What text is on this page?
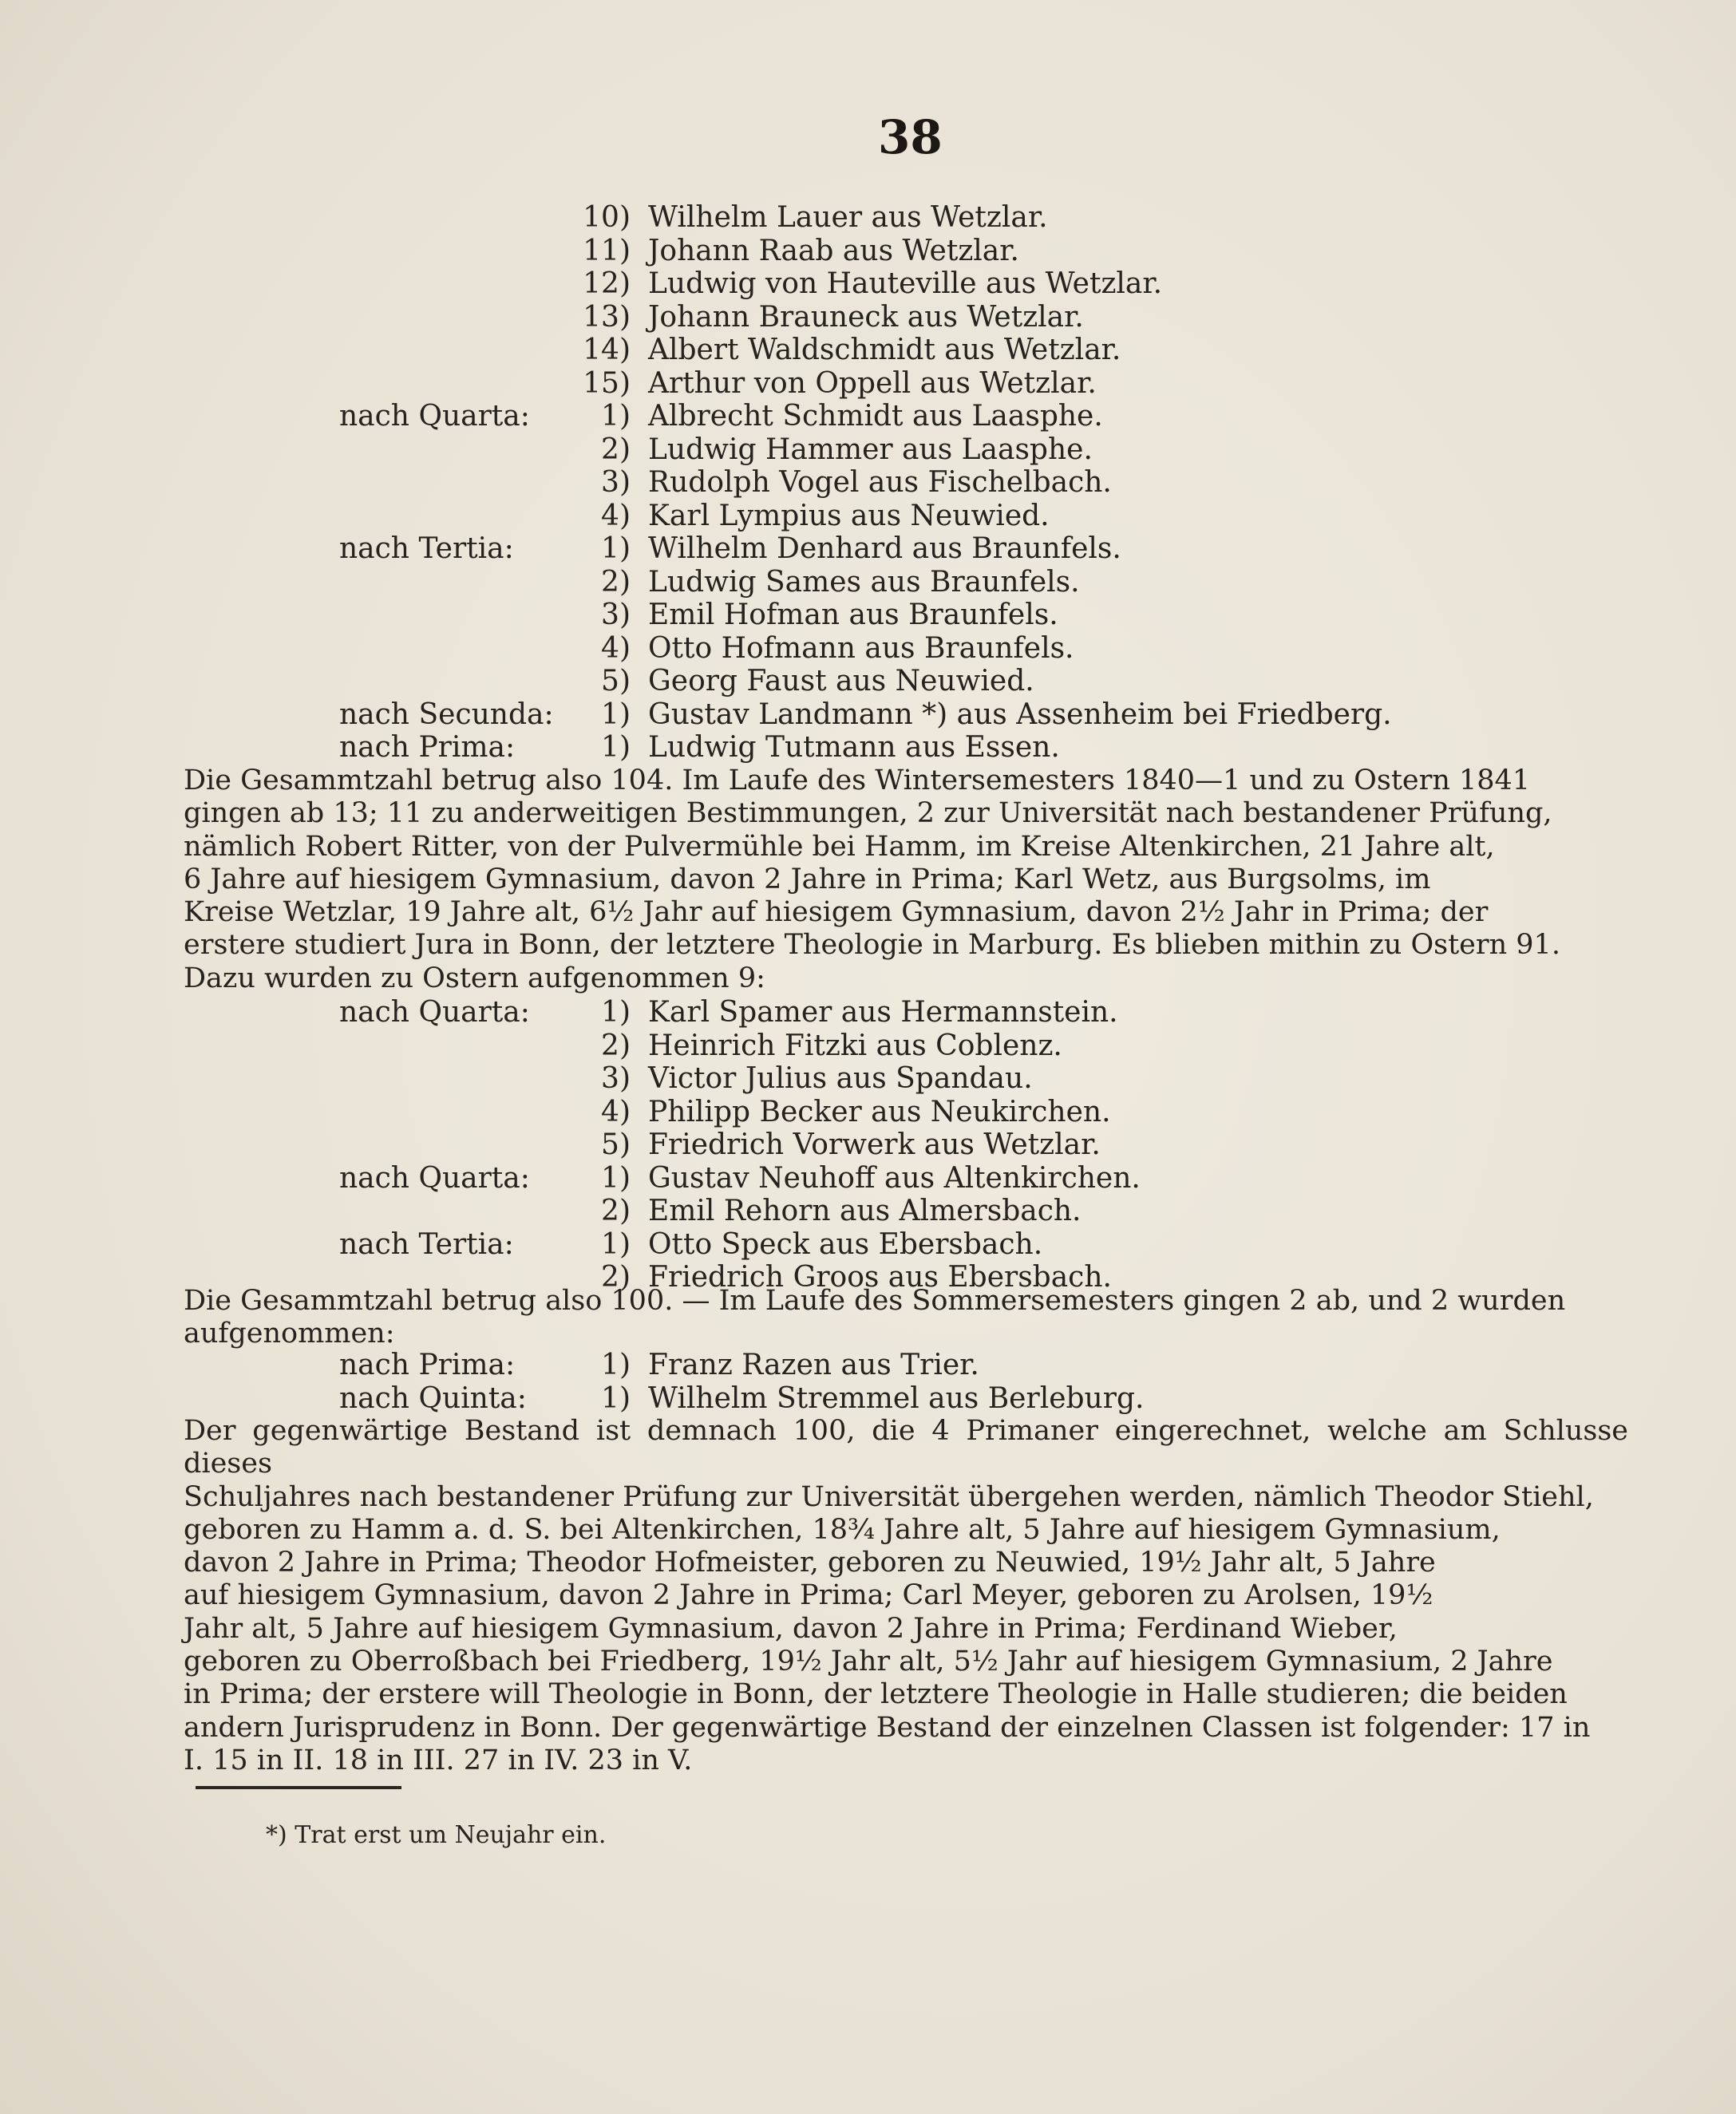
38
10) Wilhelm Lauer aus Wetzlar.
11) Johann Raab aus Wetzlar.
12) Ludwig von Hauteville aus Wetzlar.
13) Johann Brauneck aus Wetzlar.
14) Albert Waldschmidt aus Wetzlar.
15) Arthur von Oppell aus Wetzlar.
nach Quarta: 1) Albrecht Schmidt aus Laasphe.
2) Ludwig Hammer aus Laasphe.
3) Rudolph Vogel aus Fischelbach.
4) Karl Lympius aus Neuwied.
nach Tertia:	1) Wilhelm Denhard aus Braunfels.
2) Ludwig Sames aus Braunfels.
3) Emil Hofman aus Braunfels.
4) Otto Hofmann aus Braunfels.
5) Georg Faust aus Neuwied.
nach Secunda: 1) Gustav Landmann *) aus Assenheim bei Friedberg.
nach Prima:	1) Ludwig Tutmann aus Essen.
Die Gesammtzahl betrug also 104. Im Laufe des Wintersemesters 1840—1 und zu Ostern 1841
gingen ab 13; 11 zu anderweitigen Bestimmungen, 2 zur Universität nach bestandener Prüfung,
nämlich Robert Ritter, von der Pulvermühle bei Hamm, im Kreise Altenkirchen, 21 Jahre alt,
6 Jahre auf hiesigem Gymnasium, davon 2 Jahre in Prima; Karl Wetz, aus Burgsolms, im
Kreise Wetzlar, 19 Jahre alt, 6½ Jahr auf hiesigem Gymnasium, davon 2½ Jahr in Prima; der
erstere studiert Jura in Bonn, der letztere Theologie in Marburg. Es blieben mithin zu Ostern 91.
Dazu wurden zu Ostern aufgenommen 9:
nach Quarta: 1) Karl Spamer aus Hermannstein.
2) Heinrich Fitzki aus Coblenz.
3) Victor Julius aus Spandau.
4) Philipp Becker aus Neukirchen.
5) Friedrich Vorwerk aus Wetzlar.
nach Quarta: 1) Gustav Neuhoff aus Altenkirchen.
2) Emil Rehorn aus Almersbach.
nach Tertia:	1) Otto Speck aus Ebersbach.
2) Friedrich Groos aus Ebersbach.
Die Gesammtzahl betrug also 100. — Im Laufe des Sommersemesters gingen 2 ab, und 2 wurden
aufgenommen:
nach Prima:	1) Franz Razen aus Trier.
nach Quinta:	1) Wilhelm Stremmel aus Berleburg.
Der gegenwärtige Bestand ist demnach 100, die 4 Primaner eingerechnet, welche am Schlusse dieses
Schuljahres nach bestandener Prüfung zur Universität übergehen werden, nämlich Theodor Stiehl,
geboren zu Hamm a. d. S. bei Altenkirchen, 18¾ Jahre alt, 5 Jahre auf hiesigem Gymnasium,
davon 2 Jahre in Prima; Theodor Hofmeister, geboren zu Neuwied, 19½ Jahr alt, 5 Jahre
auf hiesigem Gymnasium, davon 2 Jahre in Prima; Carl Meyer, geboren zu Arolsen, 19½
Jahr alt, 5 Jahre auf hiesigem Gymnasium, davon 2 Jahre in Prima; Ferdinand Wieber,
geboren zu Oberroßbach bei Friedberg, 19½ Jahr alt, 5½ Jahr auf hiesigem Gymnasium, 2 Jahre
in Prima; der erstere will Theologie in Bonn, der letztere Theologie in Halle studieren; die beiden
andern Jurisprudenz in Bonn. Der gegenwärtige Bestand der einzelnen Classen ist folgender: 17 in
I. 15 in II. 18 in III. 27 in IV. 23 in V.
*) Trat erst um Neujahr ein.
